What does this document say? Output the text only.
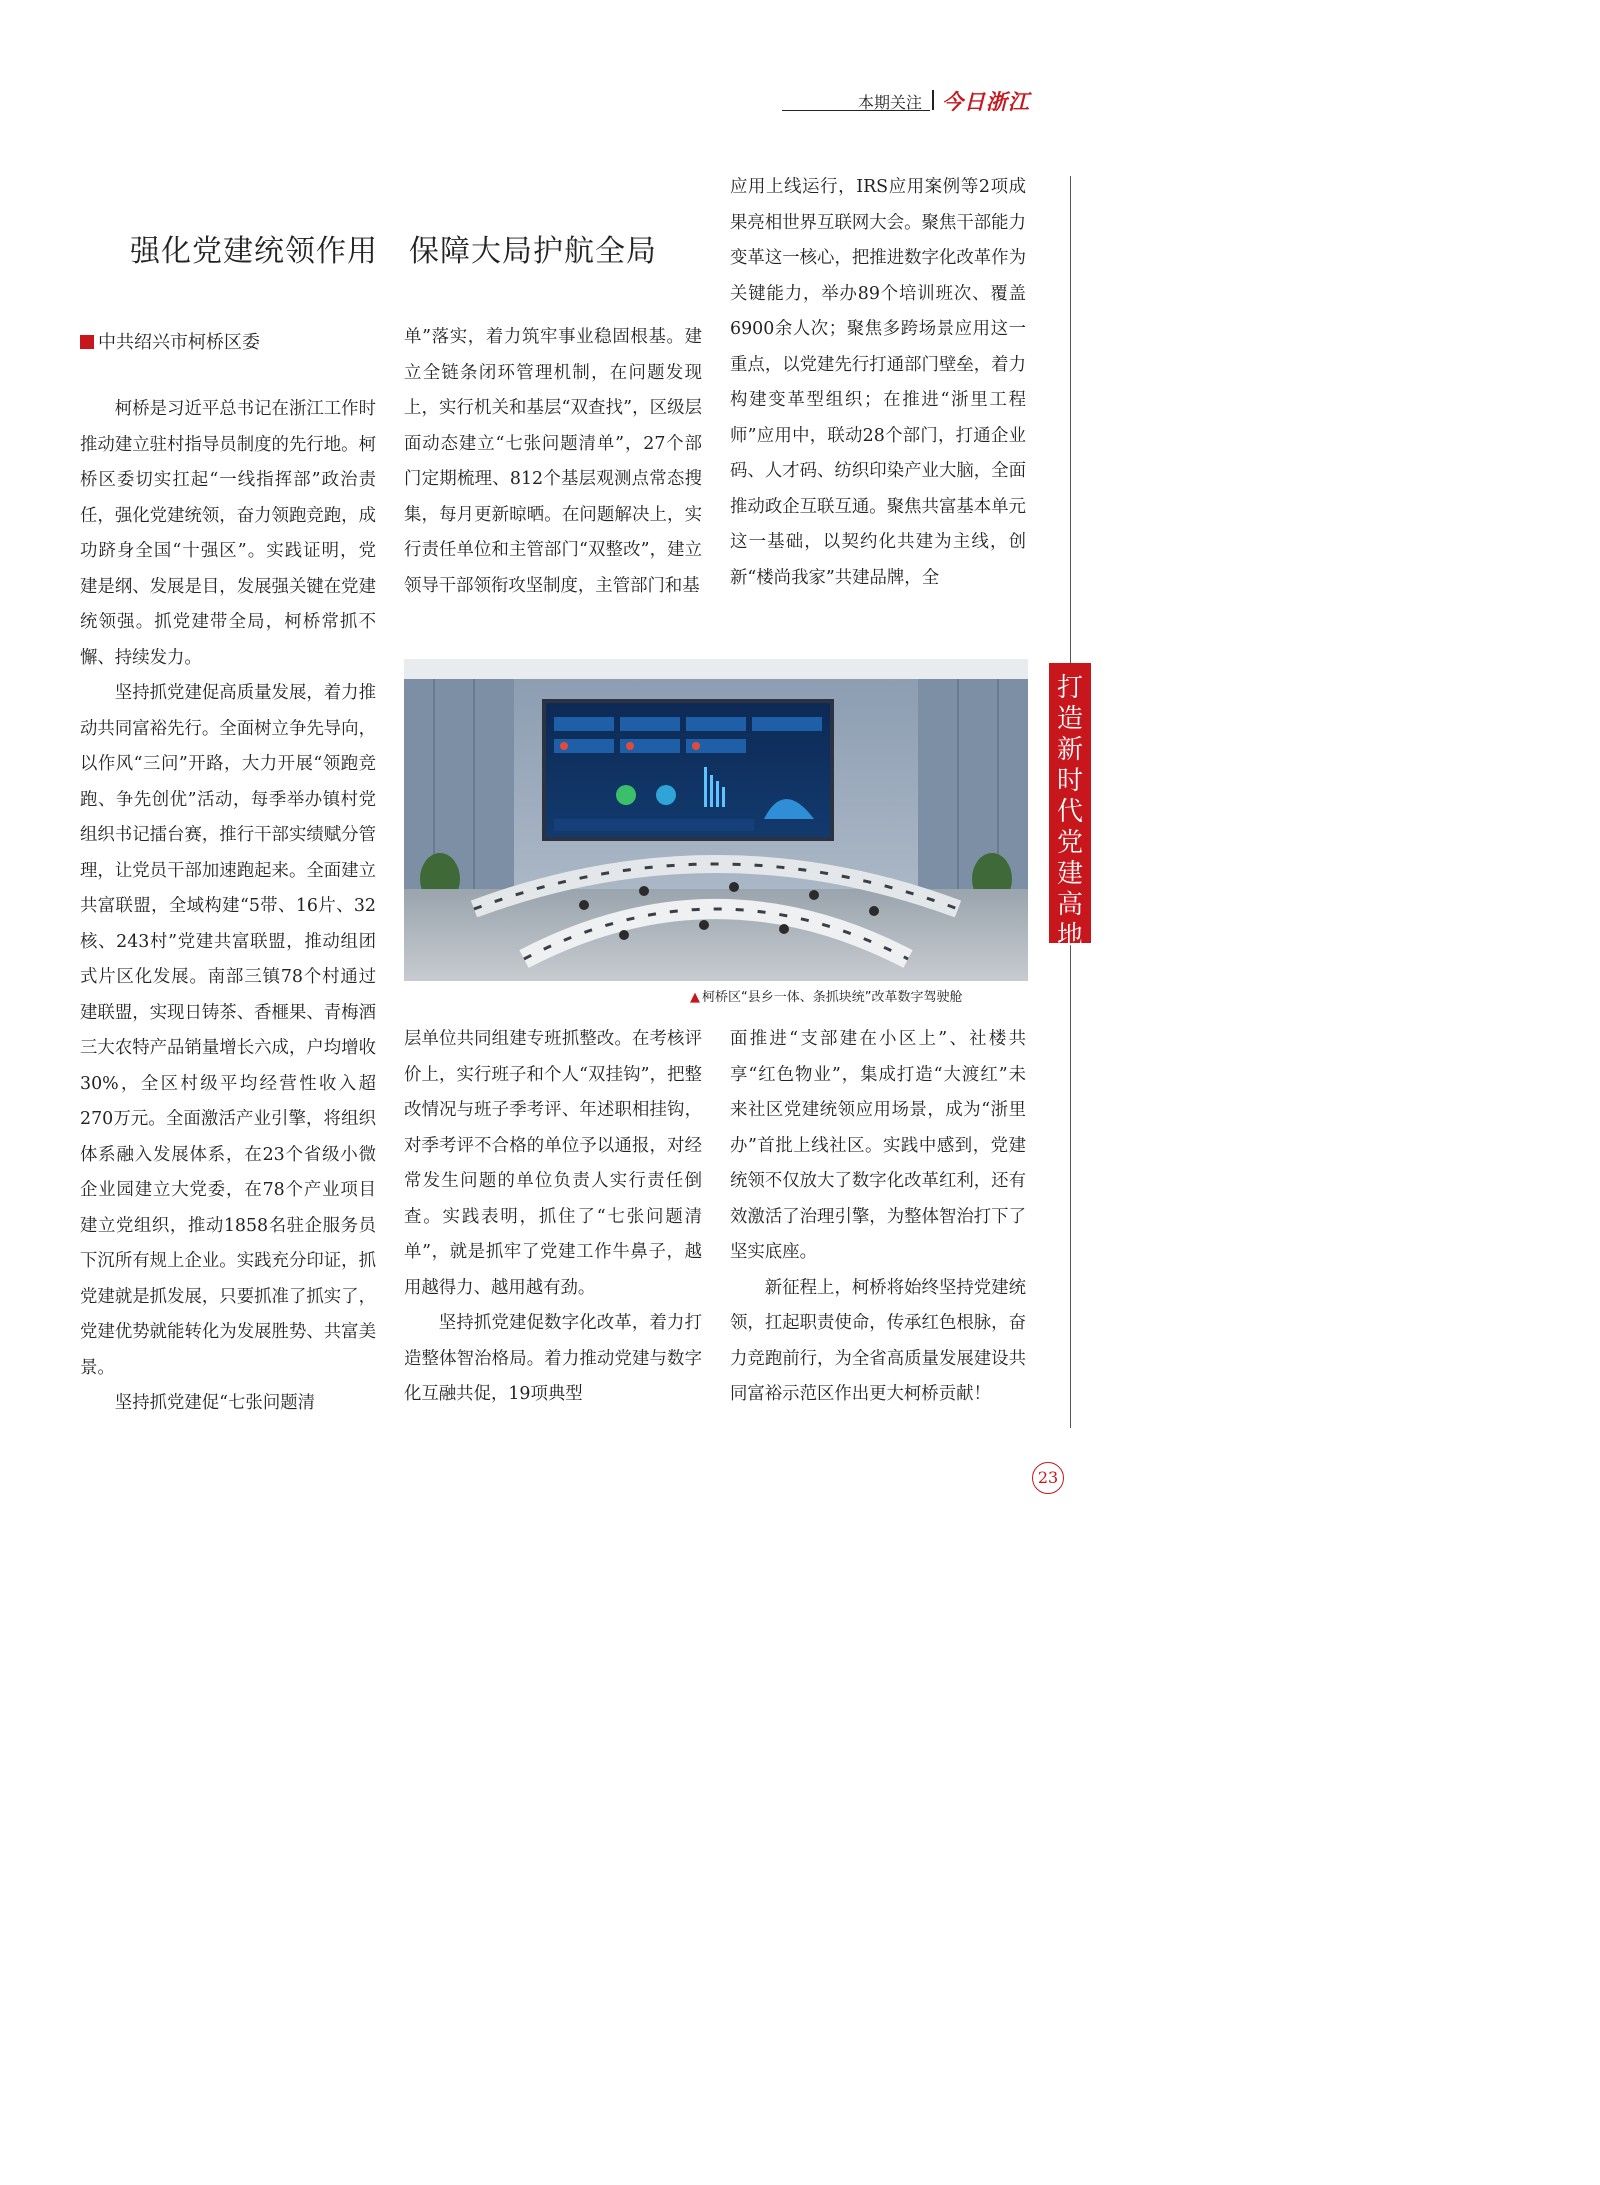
本期关注 今日浙江
强化党建统领作用　保障大局护航全局
中共绍兴市柯桥区委

柯桥是习近平总书记在浙江工作时推动建立驻村指导员制度的先行地。柯桥区委切实扛起“一线指挥部”政治责任，强化党建统领，奋力领跑竞跑，成功跻身全国“十强区”。实践证明，党建是纲、发展是目，发展强关键在党建统领强。抓党建带全局，柯桥常抓不懈、持续发力。

坚持抓党建促高质量发展，着力推动共同富裕先行。全面树立争先导向，以作风“三问”开路，大力开展“领跑竞跑、争先创优”活动，每季举办镇村党组织书记擂台赛，推行干部实绩赋分管理，让党员干部加速跑起来。全面建立共富联盟，全域构建“5带、16片、32核、243村”党建共富联盟，推动组团式片区化发展。南部三镇78个村通过建联盟，实现日铸茶、香榧果、青梅酒三大农特产品销量增长六成，户均增收30%，全区村级平均经营性收入超270万元。全面激活产业引擎，将组织体系融入发展体系，在23个省级小微企业园建立大党委，在78个产业项目建立党组织，推动1858名驻企服务员下沉所有规上企业。实践充分印证，抓党建就是抓发展，只要抓准了抓实了，党建优势就能转化为发展胜势、共富美景。

坚持抓党建促“七张问题清

单”落实，着力筑牢事业稳固根基。建立全链条闭环管理机制，在问题发现上，实行机关和基层“双查找”，区级层面动态建立“七张问题清单”，27个部门定期梳理、812个基层观测点常态搜集，每月更新晾晒。在问题解决上，实行责任单位和主管部门“双整改”，建立领导干部领衔攻坚制度，主管部门和基

层单位共同组建专班抓整改。在考核评价上，实行班子和个人“双挂钩”，把整改情况与班子季考评、年述职相挂钩，对季考评不合格的单位予以通报，对经常发生问题的单位负责人实行责任倒查。实践表明，抓住了“七张问题清单”，就是抓牢了党建工作牛鼻子，越用越得力、越用越有劲。

坚持抓党建促数字化改革，着力打造整体智治格局。着力推动党建与数字化互融共促，19项典型

应用上线运行，IRS应用案例等2项成果亮相世界互联网大会。聚焦干部能力变革这一核心，把推进数字化改革作为关键能力，举办89个培训班次、覆盖6900余人次；聚焦多跨场景应用这一重点，以党建先行打通部门壁垒，着力构建变革型组织；在推进“浙里工程师”应用中，联动28个部门，打通企业码、人才码、纺织印染产业大脑，全面推动政企互联互通。聚焦共富基本单元这一基础，以契约化共建为主线，创新“楼尚我家”共建品牌，全

面推进“支部建在小区上”、社楼共享“红色物业”，集成打造“大渡红”未来社区党建统领应用场景，成为“浙里办”首批上线社区。实践中感到，党建统领不仅放大了数字化改革红利，还有效激活了治理引擎，为整体智治打下了坚实底座。

新征程上，柯桥将始终坚持党建统领，扛起职责使命，传承红色根脉，奋力竞跑前行，为全省高质量发展建设共同富裕示范区作出更大柯桥贡献！

打
造
新
时
代
党
建
高
地
▲ 柯桥区“县乡一体、条抓块统”改革数字驾驶舱
23
